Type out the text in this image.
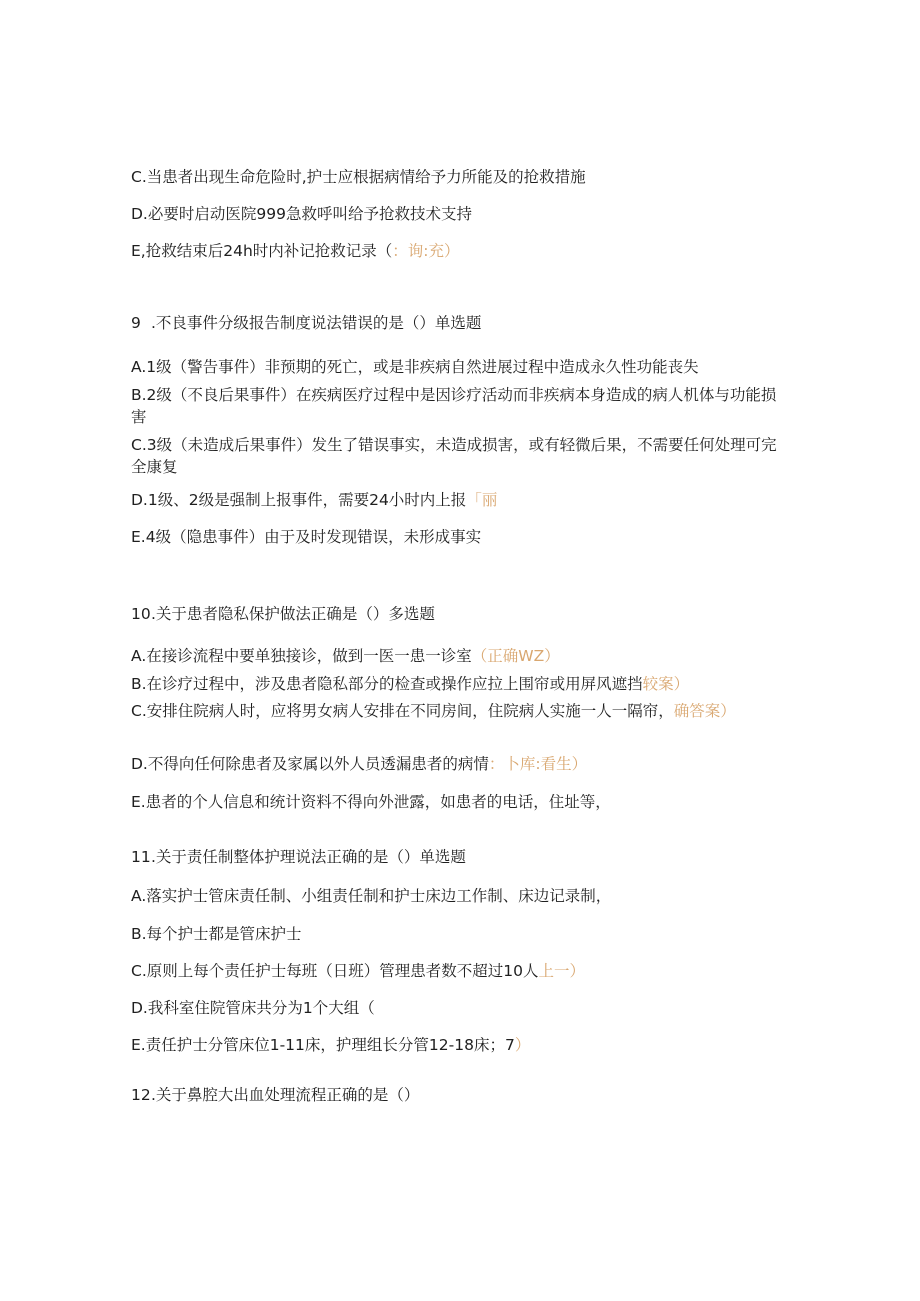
C.当患者出现生命危险时,护士应根据病情给予力所能及的抢救措施
D.必要时启动医院999急救呼叫给予抢救技术支持
E,抢救结束后24h时内补记抢救记录（：询:充）
9 .不良事件分级报告制度说法错误的是（）单选题
A.1级（警告事件）非预期的死亡，或是非疾病自然进展过程中造成永久性功能丧失
B.2级（不良后果事件）在疾病医疗过程中是因诊疗活动而非疾病本身造成的病人机体与功能损害
C.3级（未造成后果事件）发生了错误事实，未造成损害，或有轻微后果，不需要任何处理可完全康复
D.1级、2级是强制上报事件，需要24小时内上报「丽
E.4级（隐患事件）由于及时发现错误，未形成事实
10.关于患者隐私保护做法正确是（）多选题
A.在接诊流程中要单独接诊，做到一医一患一诊室（正确WZ）
B.在诊疗过程中，涉及患者隐私部分的检查或操作应拉上围帘或用屏风遮挡较案）
C.安排住院病人时，应将男女病人安排在不同房间，住院病人实施一人一隔帘，确答案）
D.不得向任何除患者及家属以外人员透漏患者的病情：卜库:看生）
E.患者的个人信息和统计资料不得向外泄露，如患者的电话，住址等，
11.关于责任制整体护理说法正确的是（）单选题
A.落实护士管床责任制、小组责任制和护士床边工作制、床边记录制，
B.每个护士都是管床护士
C.原则上每个责任护士每班（日班）管理患者数不超过10人上一）
D.我科室住院管床共分为1个大组（
E.责任护士分管床位1-11床，护理组长分管12-18床；7）
12.关于鼻腔大出血处理流程正确的是（）
